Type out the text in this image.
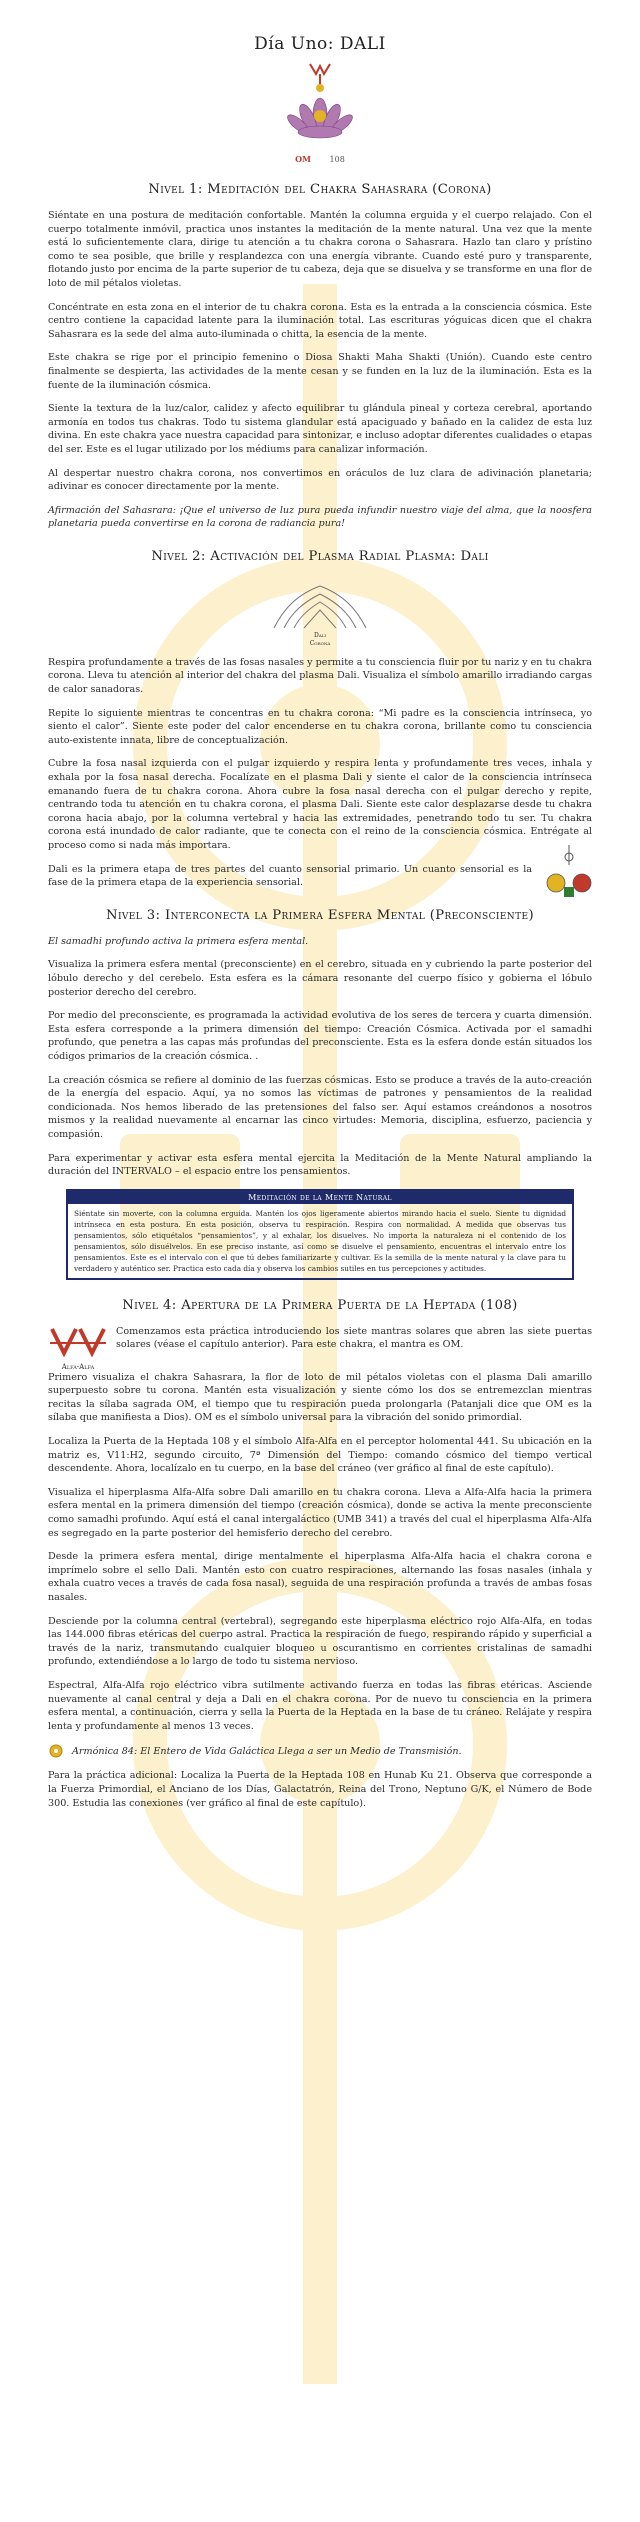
Día Uno: DALI
OM 108
Nivel 1: Meditación del Chakra Sahasrara (Corona)

Siéntate en una postura de meditación confortable. Mantén la columna erguida y el cuerpo relajado. Con el cuerpo totalmente inmóvil, practica unos instantes la meditación de la mente natural. Una vez que la mente está lo suficientemente clara, dirige tu atención a tu chakra corona o Sahasrara. Hazlo tan claro y prístino como te sea posible, que brille y resplandezca con una energía vibrante. Cuando esté puro y transparente, flotando justo por encima de la parte superior de tu cabeza, deja que se disuelva y se transforme en una flor de loto de mil pétalos violetas.

Concéntrate en esta zona en el interior de tu chakra corona. Esta es la entrada a la consciencia cósmica. Este centro contiene la capacidad latente para la iluminación total. Las escrituras yóguicas dicen que el chakra Sahasrara es la sede del alma auto-iluminada o chitta, la esencia de la mente.

Este chakra se rige por el principio femenino o Diosa Shakti Maha Shakti (Unión). Cuando este centro finalmente se despierta, las actividades de la mente cesan y se funden en la luz de la iluminación. Esta es la fuente de la iluminación cósmica.

Siente la textura de la luz/calor, calidez y afecto equilibrar tu glándula pineal y corteza cerebral, aportando armonía en todos tus chakras. Todo tu sistema glandular está apaciguado y bañado en la calidez de esta luz divina. En este chakra yace nuestra capacidad para sintonizar, e incluso adoptar diferentes cualidades o etapas del ser. Este es el lugar utilizado por los médiums para canalizar información.

Al despertar nuestro chakra corona, nos convertimos en oráculos de luz clara de adivinación planetaria; adivinar es conocer directamente por la mente.

Afirmación del Sahasrara: ¡Que el universo de luz pura pueda infundir nuestro viaje del alma, que la noosfera planetaria pueda convertirse en la corona de radiancia pura!

Nivel 2: Activación del Plasma Radial Plasma: Dali
Dali
Corona

Respira profundamente a través de las fosas nasales y permite a tu consciencia fluir por tu nariz y en tu chakra corona. Lleva tu atención al interior del chakra del plasma Dali. Visualiza el símbolo amarillo irradiando cargas de calor sanadoras.

Repite lo siguiente mientras te concentras en tu chakra corona: “Mi padre es la consciencia intrínseca, yo siento el calor”. Siente este poder del calor encenderse en tu chakra corona, brillante como tu consciencia auto-existente innata, libre de conceptualización.

Cubre la fosa nasal izquierda con el pulgar izquierdo y respira lenta y profundamente tres veces, inhala y exhala por la fosa nasal derecha. Focalízate en el plasma Dali y siente el calor de la consciencia intrínseca emanando fuera de tu chakra corona. Ahora cubre la fosa nasal derecha con el pulgar derecho y repite, centrando toda tu atención en tu chakra corona, el plasma Dali. Siente este calor desplazarse desde tu chakra corona hacia abajo, por la columna vertebral y hacia las extremidades, penetrando todo tu ser. Tu chakra corona está inundado de calor radiante, que te conecta con el reino de la consciencia cósmica. Entrégate al proceso como si nada más importara.

Dali es la primera etapa de tres partes del cuanto sensorial primario. Un cuanto sensorial es la fase de la primera etapa de la experiencia sensorial.

Nivel 3: Interconecta la Primera Esfera Mental (Preconsciente)

El samadhi profundo activa la primera esfera mental.

Visualiza la primera esfera mental (preconsciente) en el cerebro, situada en y cubriendo la parte posterior del lóbulo derecho y del cerebelo. Esta esfera es la cámara resonante del cuerpo físico y gobierna el lóbulo posterior derecho del cerebro.

Por medio del preconsciente, es programada la actividad evolutiva de los seres de tercera y cuarta dimensión. Esta esfera corresponde a la primera dimensión del tiempo: Creación Cósmica. Activada por el samadhi profundo, que penetra a las capas más profundas del preconsciente. Esta es la esfera donde están situados los códigos primarios de la creación cósmica. .

La creación cósmica se refiere al dominio de las fuerzas cósmicas. Esto se produce a través de la auto-creación de la energía del espacio. Aquí, ya no somos las víctimas de patrones y pensamientos de la realidad condicionada. Nos hemos liberado de las pretensiones del falso ser. Aquí estamos creándonos a nosotros mismos y la realidad nuevamente al encarnar las cinco virtudes: Memoria, disciplina, esfuerzo, paciencia y compasión.

Para experimentar y activar esta esfera mental ejercita la Meditación de la Mente Natural ampliando la duración del INTERVALO – el espacio entre los pensamientos.

Meditación de la Mente Natural
Siéntate sin moverte, con la columna erguida. Mantén los ojos ligeramente abiertos mirando hacia el suelo. Siente tu dignidad intrínseca en esta postura. En esta posición, observa tu respiración. Respira con normalidad. A medida que observas tus pensamientos, sólo etiquétalos “pensamientos”, y al exhalar, los disuelves. No importa la naturaleza ni el contenido de los pensamientos, sólo disuélvelos. En ese preciso instante, así como se disuelve el pensamiento, encuentras el intervalo entre los pensamientos. Este es el intervalo con el que tú debes familiarizarte y cultivar. Es la semilla de la mente natural y la clave para tu verdadero y auténtico ser. Practica esto cada día y observa los cambios sutiles en tus percepciones y actitudes.
Nivel 4: Apertura de la Primera Puerta de la Heptada (108)
Alfa-Alfa

Comenzamos esta práctica introduciendo los siete mantras solares que abren las siete puertas solares (véase el capítulo anterior). Para este chakra, el mantra es OM.

Primero visualiza el chakra Sahasrara, la flor de loto de mil pétalos violetas con el plasma Dali amarillo superpuesto sobre tu corona. Mantén esta visualización y siente cómo los dos se entremezclan mientras recitas la sílaba sagrada OM, el tiempo que tu respiración pueda prolongarla (Patanjali dice que OM es la sílaba que manifiesta a Dios). OM es el símbolo universal para la vibración del sonido primordial.

Localiza la Puerta de la Heptada 108 y el símbolo Alfa-Alfa en el perceptor holomental 441. Su ubicación en la matriz es, V11:H2, segundo circuito, 7ª Dimensión del Tiempo: comando cósmico del tiempo vertical descendente. Ahora, localízalo en tu cuerpo, en la base del cráneo (ver gráfico al final de este capítulo).

Visualiza el hiperplasma Alfa-Alfa sobre Dali amarillo en tu chakra corona. Lleva a Alfa-Alfa hacia la primera esfera mental en la primera dimensión del tiempo (creación cósmica), donde se activa la mente preconsciente como samadhi profundo. Aquí está el canal intergaláctico (UMB 341) a través del cual el hiperplasma Alfa-Alfa es segregado en la parte posterior del hemisferio derecho del cerebro.

Desde la primera esfera mental, dirige mentalmente el hiperplasma Alfa-Alfa hacia el chakra corona e imprímelo sobre el sello Dali. Mantén esto con cuatro respiraciones, alternando las fosas nasales (inhala y exhala cuatro veces a través de cada fosa nasal), seguida de una respiración profunda a través de ambas fosas nasales.

Desciende por la columna central (vertebral), segregando este hiperplasma eléctrico rojo Alfa-Alfa, en todas las 144.000 fibras etéricas del cuerpo astral. Practica la respiración de fuego, respirando rápido y superficial a través de la nariz, transmutando cualquier bloqueo u oscurantismo en corrientes cristalinas de samadhi profundo, extendiéndose a lo largo de todo tu sistema nervioso.

Espectral, Alfa-Alfa rojo eléctrico vibra sutilmente activando fuerza en todas las fibras etéricas. Asciende nuevamente al canal central y deja a Dali en el chakra corona. Por de nuevo tu consciencia en la primera esfera mental, a continuación, cierra y sella la Puerta de la Heptada en la base de tu cráneo. Relájate y respira lenta y profundamente al menos 13 veces.

Armónica 84: El Entero de Vida Galáctica Llega a ser un Medio de Transmisión.

Para la práctica adicional: Localiza la Puerta de la Heptada 108 en Hunab Ku 21. Observa que corresponde a la Fuerza Primordial, el Anciano de los Días, Galactatrón, Reina del Trono, Neptuno G/K, el Número de Bode 300. Estudia las conexiones (ver gráfico al final de este capítulo).
